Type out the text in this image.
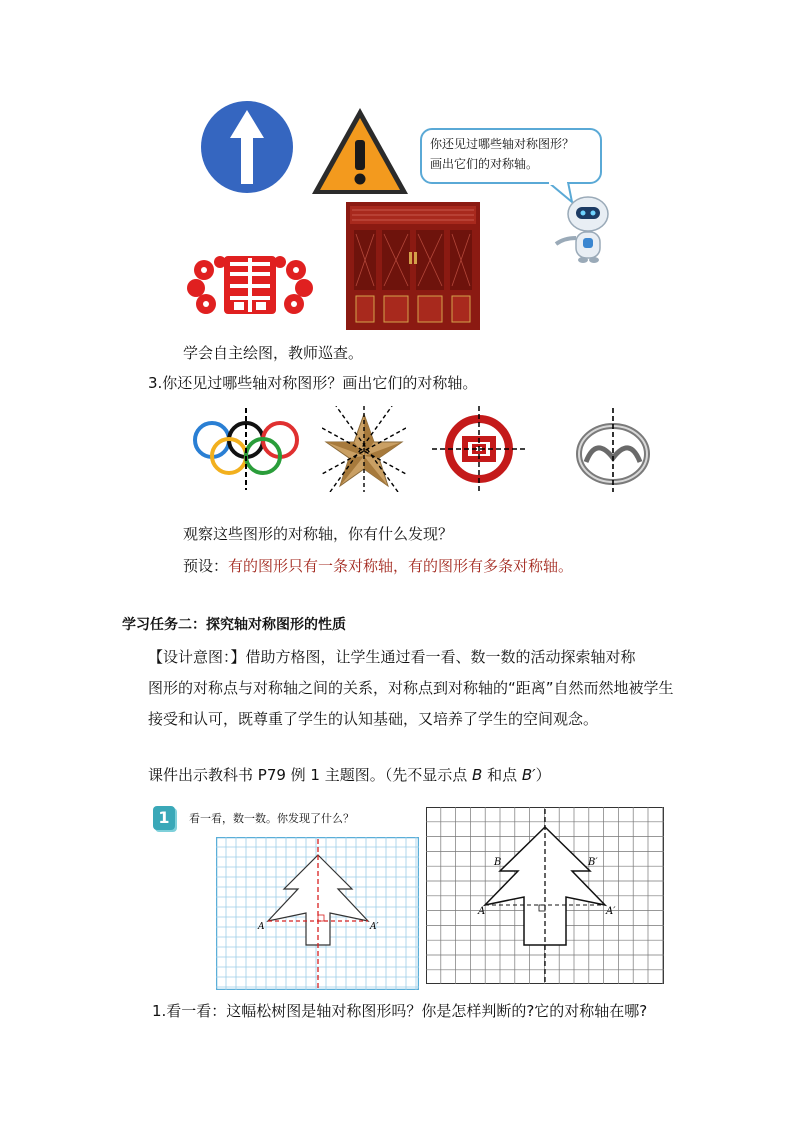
你还见过哪些轴对称图形？
画出它们的对称轴。
学会自主绘图，教师巡查。
3.你还见过哪些轴对称图形？画出它们的对称轴。
观察这些图形的对称轴，你有什么发现？
预设：有的图形只有一条对称轴，有的图形有多条对称轴。
学习任务二：探究轴对称图形的性质
【设计意图：】借助方格图，让学生通过看一看、数一数的活动探索轴对称
图形的对称点与对称轴之间的关系，对称点到对称轴的“距离”自然而然地被学生
接受和认可，既尊重了学生的认知基础，又培养了学生的空间观念。
课件出示教科书 P79 例 1 主题图。（先不显示点 B 和点 B′）
1	看一看，数一数。你发现了什么？
A	A′
B	B′
A	A′
1.看一看：这幅松树图是轴对称图形吗？你是怎样判断的?它的对称轴在哪?
